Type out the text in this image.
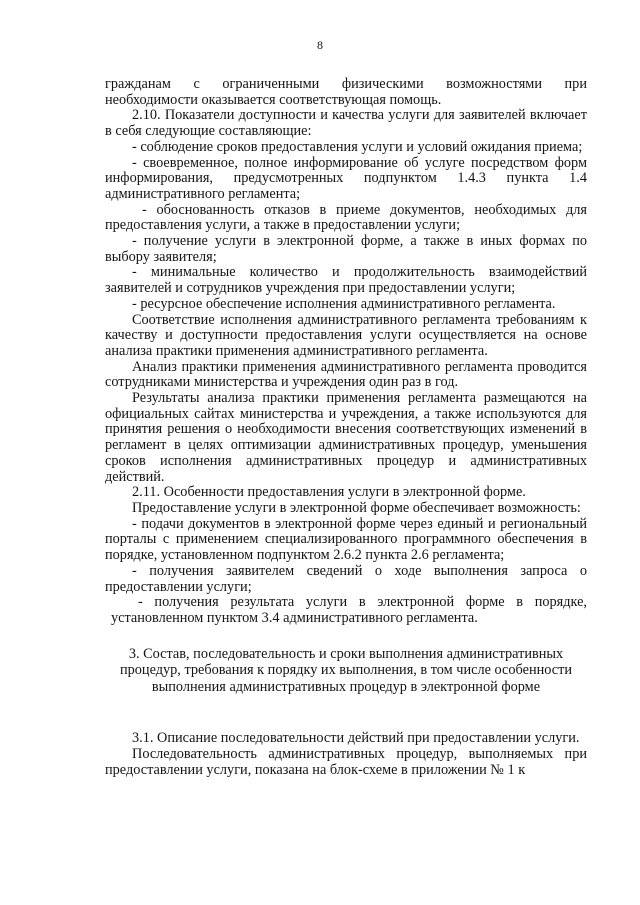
8

гражданам с ограниченными физическими возможностями при необходимости оказывается соответствующая помощь.

2.10. Показатели доступности и качества услуги для заявителей включает в себя следующие составляющие:

- соблюдение сроков предоставления услуги и условий ожидания приема;

- своевременное, полное информирование об услуге посредством форм информирования, предусмотренных подпунктом 1.4.3 пункта 1.4 административного регламента;

- обоснованность отказов в приеме документов, необходимых для предоставления услуги, а также в предоставлении услуги;

- получение услуги в электронной форме, а также в иных формах по выбору заявителя;

- минимальные количество и продолжительность взаимодействий заявителей и сотрудников учреждения при предоставлении услуги;

- ресурсное обеспечение исполнения административного регламента.

Соответствие исполнения административного регламента требованиям к качеству и доступности предоставления услуги осуществляется на основе анализа практики применения административного регламента.

Анализ практики применения административного регламента проводится сотрудниками министерства и учреждения один раз в год.

Результаты анализа практики применения регламента размещаются на официальных сайтах министерства и учреждения, а также используются для принятия решения о необходимости внесения соответствующих изменений в регламент в целях оптимизации административных процедур, уменьшения сроков исполнения административных процедур и административных действий.

2.11. Особенности предоставления услуги в электронной форме.

Предоставление услуги в электронной форме обеспечивает возможность:

- подачи документов в электронной форме через единый и региональный порталы с применением специализированного программного обеспечения в порядке, установленном подпунктом 2.6.2 пункта 2.6 регламента;

- получения заявителем сведений о ходе выполнения запроса о предоставлении услуги;

- получения результата услуги в электронной форме в порядке, установленном пунктом 3.4 административного регламента.

3. Состав, последовательность и сроки выполнения административных
процедур, требования к порядку их выполнения, в том числе особенности
выполнения административных процедур в электронной форме

3.1. Описание последовательности действий при предоставлении услуги.

Последовательность административных процедур, выполняемых при предоставлении услуги, показана на блок-схеме в приложении № 1 к
